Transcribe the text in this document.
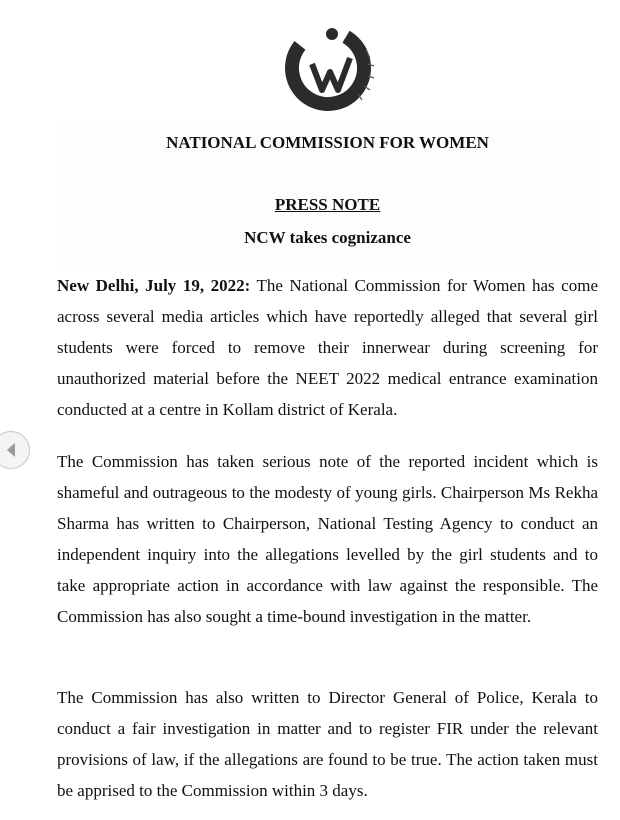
NATIONAL COMMISSION FOR WOMEN

PRESS NOTE

NCW takes cognizance

New Delhi, July 19, 2022: The National Commission for Women has come across several media articles which have reportedly alleged that several girl students were forced to remove their innerwear during screening for unauthorized material before the NEET 2022 medical entrance examination conducted at a centre in Kollam district of Kerala.

The Commission has taken serious note of the reported incident which is shameful and outrageous to the modesty of young girls. Chairperson Ms Rekha Sharma has written to Chairperson, National Testing Agency to conduct an independent inquiry into the allegations levelled by the girl students and to take appropriate action in accordance with law against the responsible. The Commission has also sought a time-bound investigation in the matter.

The Commission has also written to Director General of Police, Kerala to conduct a fair investigation in matter and to register FIR under the relevant provisions of law, if the allegations are found to be true. The action taken must be apprised to the Commission within 3 days.
